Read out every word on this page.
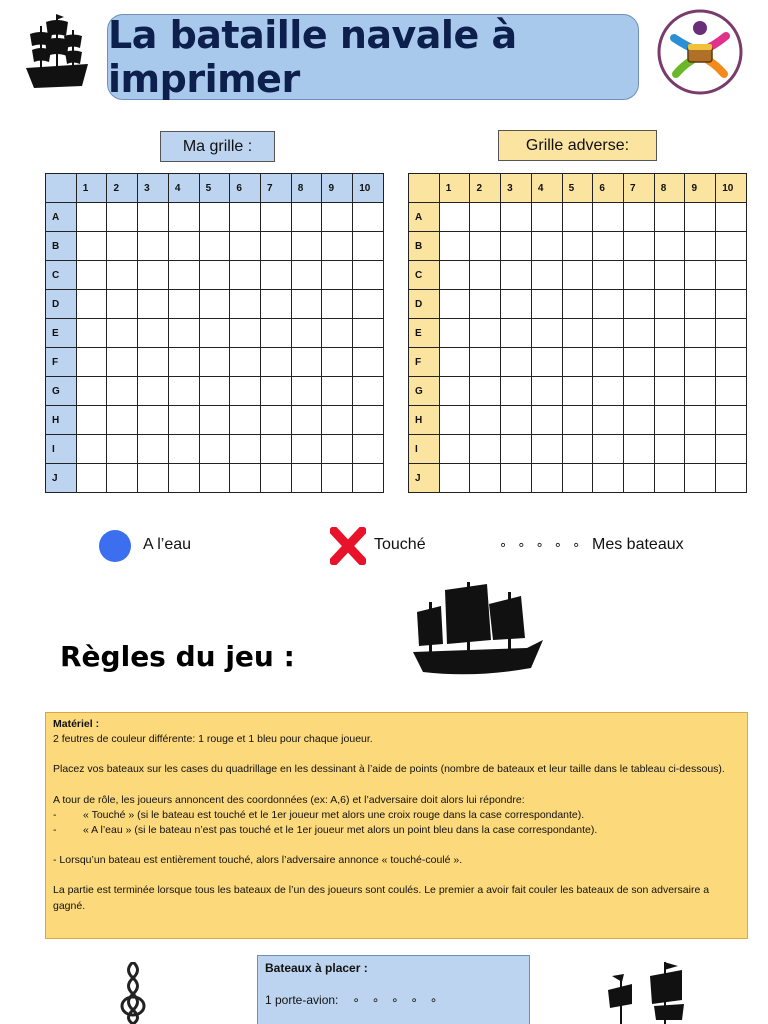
La bataille navale à imprimer
Ma grille :	Grille adverse:
	1	2	3	4	5	6	7	8	9	10
A										
B										
C										
D										
E										
F										
G										
H										
I										
J										
	1	2	3	4	5	6	7	8	9	10
A										
B										
C										
D										
E										
F										
G										
H										
I										
J										
A l’eau	Touché	∘ ∘ ∘ ∘ ∘ Mes bateaux
Règles du jeu :

Matériel :

2 feutres de couleur différente: 1 rouge et 1 bleu pour chaque joueur.

Placez vos bateaux sur les cases du quadrillage en les dessinant à l’aide de points (nombre de bateaux et leur taille dans le tableau ci-dessous).

A tour de rôle, les joueurs annoncent des coordonnées (ex: A,6) et l’adversaire doit alors lui répondre:

-	« Touché » (si le bateau est touché et le 1er joueur met alors une croix rouge dans la case correspondante).
-	« A l’eau » (si le bateau n’est pas touché et le 1er joueur met alors un point bleu dans la case correspondante).

- Lorsqu’un bateau est entièrement touché, alors l’adversaire annonce « touché-coulé ».

La partie est terminée lorsque tous les bateaux de l’un des joueurs sont coulés. Le premier a avoir fait couler les bateaux de son adversaire a gagné.

Bateaux à placer :
1 porte-avion: ∘ ∘ ∘ ∘ ∘
